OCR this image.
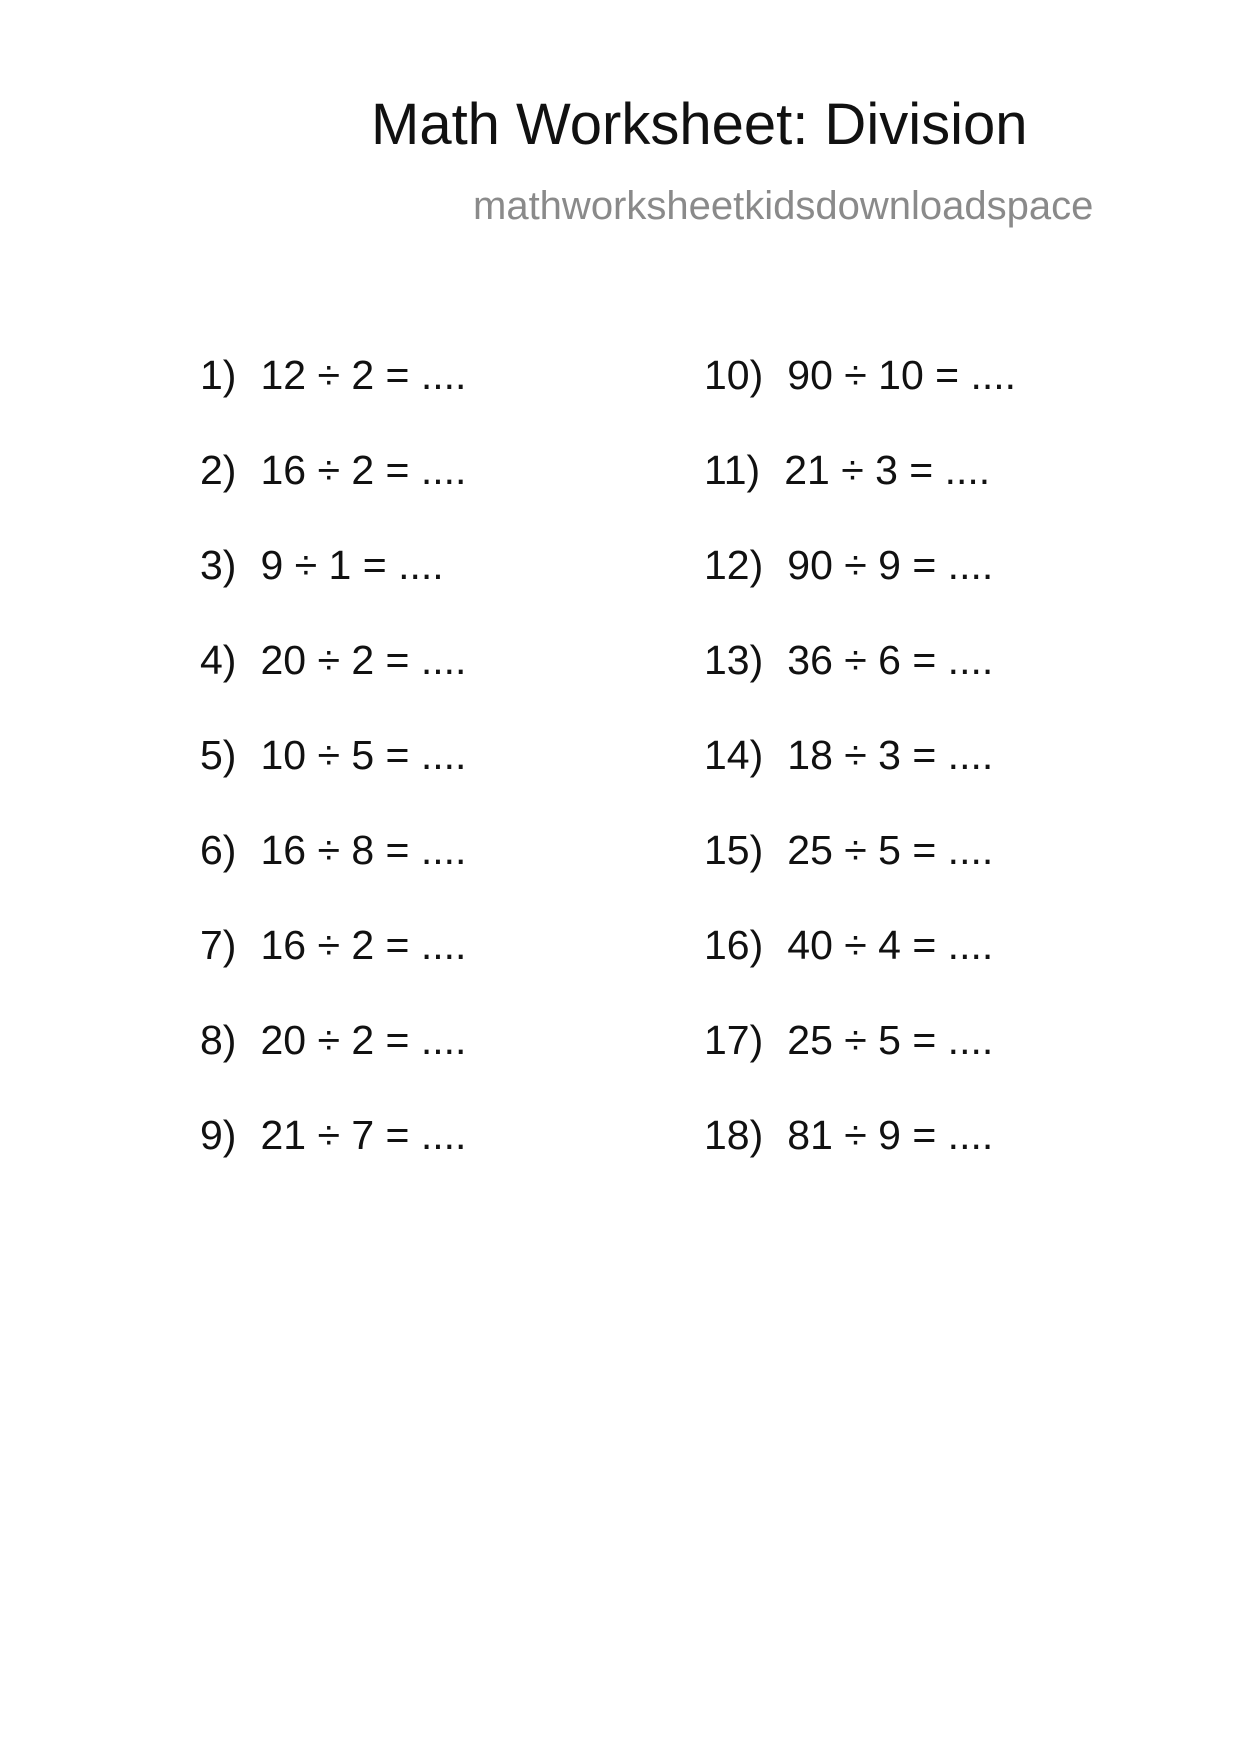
Math Worksheet: Division
mathworksheetkidsdownloadspace
1) 12 ÷ 2 = ....
2) 16 ÷ 2 = ....
3) 9 ÷ 1 = ....
4) 20 ÷ 2 = ....
5) 10 ÷ 5 = ....
6) 16 ÷ 8 = ....
7) 16 ÷ 2 = ....
8) 20 ÷ 2 = ....
9) 21 ÷ 7 = ....
10) 90 ÷ 10 = ....
11) 21 ÷ 3 = ....
12) 90 ÷ 9 = ....
13) 36 ÷ 6 = ....
14) 18 ÷ 3 = ....
15) 25 ÷ 5 = ....
16) 40 ÷ 4 = ....
17) 25 ÷ 5 = ....
18) 81 ÷ 9 = ....
